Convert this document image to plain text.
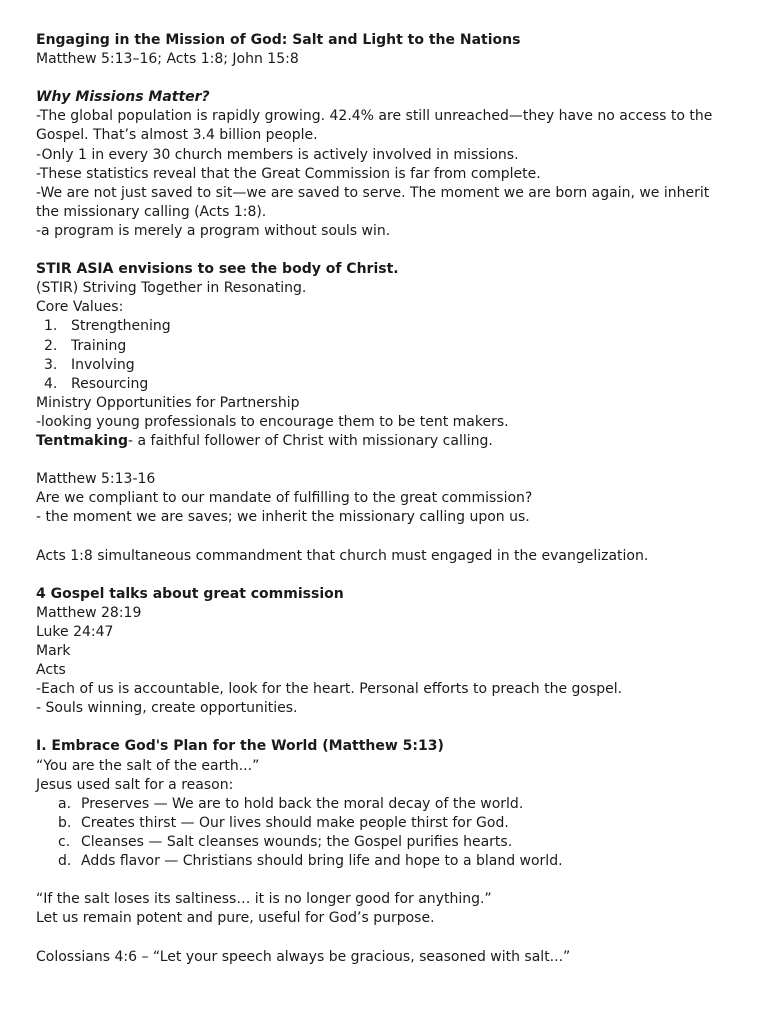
Engaging in the Mission of God: Salt and Light to the Nations
Matthew 5:13–16; Acts 1:8; John 15:8
Why Missions Matter?
-The global population is rapidly growing. 42.4% are still unreached—they have no access to the Gospel. That’s almost 3.4 billion people.
-Only 1 in every 30 church members is actively involved in missions.
-These statistics reveal that the Great Commission is far from complete.
-We are not just saved to sit—we are saved to serve. The moment we are born again, we inherit the missionary calling (Acts 1:8).
-a program is merely a program without souls win.
STIR ASIA envisions to see the body of Christ.
(STIR) Striving Together in Resonating.
Core Values:
1. Strengthening
2. Training
3. Involving
4. Resourcing
Ministry Opportunities for Partnership
-looking young professionals to encourage them to be tent makers.
Tentmaking- a faithful follower of Christ with missionary calling.
Matthew 5:13-16
Are we compliant to our mandate of fulfilling to the great commission?
- the moment we are saves; we inherit the missionary calling upon us.
Acts 1:8 simultaneous commandment that church must engaged in the evangelization.
4 Gospel talks about great commission
Matthew 28:19
Luke 24:47
Mark
Acts
-Each of us is accountable, look for the heart. Personal efforts to preach the gospel.
- Souls winning, create opportunities.
I. Embrace God's Plan for the World (Matthew 5:13)
“You are the salt of the earth...”
Jesus used salt for a reason:
a. Preserves — We are to hold back the moral decay of the world.
b. Creates thirst — Our lives should make people thirst for God.
c. Cleanses — Salt cleanses wounds; the Gospel purifies hearts.
d. Adds flavor — Christians should bring life and hope to a bland world.
“If the salt loses its saltiness… it is no longer good for anything.”
Let us remain potent and pure, useful for God’s purpose.
Colossians 4:6 – “Let your speech always be gracious, seasoned with salt...”
